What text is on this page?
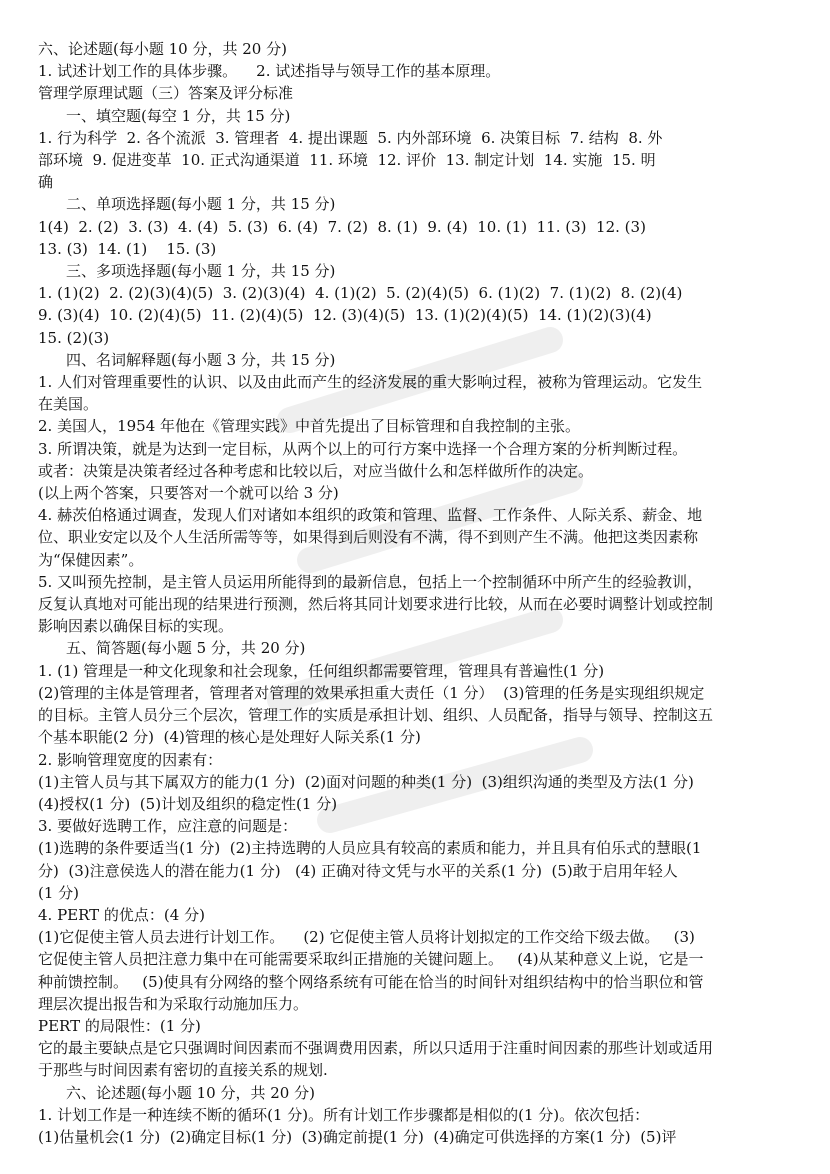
六、论述题(每小题 10 分，共 20 分)
1. 试述计划工作的具体步骤。    2. 试述指导与领导工作的基本原理。
管理学原理试题（三）答案及评分标准
一、填空题(每空 1 分，共 15 分)
1. 行为科学  2. 各个流派  3. 管理者  4. 提出课题  5. 内外部环境  6. 决策目标  7. 结构  8. 外
部环境  9. 促进变革  10. 正式沟通渠道  11. 环境  12. 评价  13. 制定计划  14. 实施  15. 明
确
二、单项选择题(每小题 1 分，共 15 分)
1(4)  2. (2)  3. (3)  4. (4)  5. (3)  6. (4)  7. (2)  8. (1)  9. (4)  10. (1)  11. (3)  12. (3)
13. (3)  14. (1)    15. (3)
三、多项选择题(每小题 1 分，共 15 分)
1. (1)(2)  2. (2)(3)(4)(5)  3. (2)(3)(4)  4. (1)(2)  5. (2)(4)(5)  6. (1)(2)  7. (1)(2)  8. (2)(4)
9. (3)(4)  10. (2)(4)(5)  11. (2)(4)(5)  12. (3)(4)(5)  13. (1)(2)(4)(5)  14. (1)(2)(3)(4)
15. (2)(3)
四、名词解释题(每小题 3 分，共 15 分)
1. 人们对管理重要性的认识、以及由此而产生的经济发展的重大影响过程，被称为管理运动。它发生
在美国。
2. 美国人，1954 年他在《管理实践》中首先提出了目标管理和自我控制的主张。
3. 所谓决策，就是为达到一定目标，从两个以上的可行方案中选择一个合理方案的分析判断过程。
或者：决策是决策者经过各种考虑和比较以后，对应当做什么和怎样做所作的决定。
(以上两个答案，只要答对一个就可以给 3 分)
4. 赫茨伯格通过调查，发现人们对诸如本组织的政策和管理、监督、工作条件、人际关系、薪金、地
位、职业安定以及个人生活所需等等，如果得到后则没有不满，得不到则产生不满。他把这类因素称
为“保健因素”。
5. 又叫预先控制，是主管人员运用所能得到的最新信息，包括上一个控制循环中所产生的经验教训，
反复认真地对可能出现的结果进行预测，然后将其同计划要求进行比较，从而在必要时调整计划或控制
影响因素以确保目标的实现。
五、简答题(每小题 5 分，共 20 分)
1. (1) 管理是一种文化现象和社会现象，任何组织都需要管理，管理具有普遍性(1 分)
(2)管理的主体是管理者，管理者对管理的效果承担重大责任（1 分）  (3)管理的任务是实现组织规定
的目标。主管人员分三个层次，管理工作的实质是承担计划、组织、人员配备，指导与领导、控制这五
个基本职能(2 分)  (4)管理的核心是处理好人际关系(1 分)
2. 影响管理宽度的因素有：
(1)主管人员与其下属双方的能力(1 分)  (2)面对问题的种类(1 分)  (3)组织沟通的类型及方法(1 分)
(4)授权(1 分)  (5)计划及组织的稳定性(1 分)
3. 要做好选聘工作，应注意的问题是：
(1)选聘的条件要适当(1 分)  (2)主持选聘的人员应具有较高的素质和能力，并且具有伯乐式的慧眼(1
分)  (3)注意侯选人的潜在能力(1 分)   (4) 正确对待文凭与水平的关系(1 分)  (5)敢于启用年轻人
(1 分)
4. PERT 的优点：(4 分)
(1)它促使主管人员去进行计划工作。    (2) 它促使主管人员将计划拟定的工作交给下级去做。   (3)
它促使主管人员把注意力集中在可能需要采取纠正措施的关键问题上。   (4)从某种意义上说，它是一
种前馈控制。   (5)使具有分网络的整个网络系统有可能在恰当的时间针对组织结构中的恰当职位和管
理层次提出报告和为采取行动施加压力。
PERT 的局限性：(1 分)
它的最主要缺点是它只强调时间因素而不强调费用因素，所以只适用于注重时间因素的那些计划或适用
于那些与时间因素有密切的直接关系的规划.
六、论述题(每小题 10 分，共 20 分)
1. 计划工作是一种连续不断的循环(1 分)。所有计划工作步骤都是相似的(1 分)。依次包括：
(1)估量机会(1 分)  (2)确定目标(1 分)  (3)确定前提(1 分)  (4)确定可供选择的方案(1 分)  (5)评
